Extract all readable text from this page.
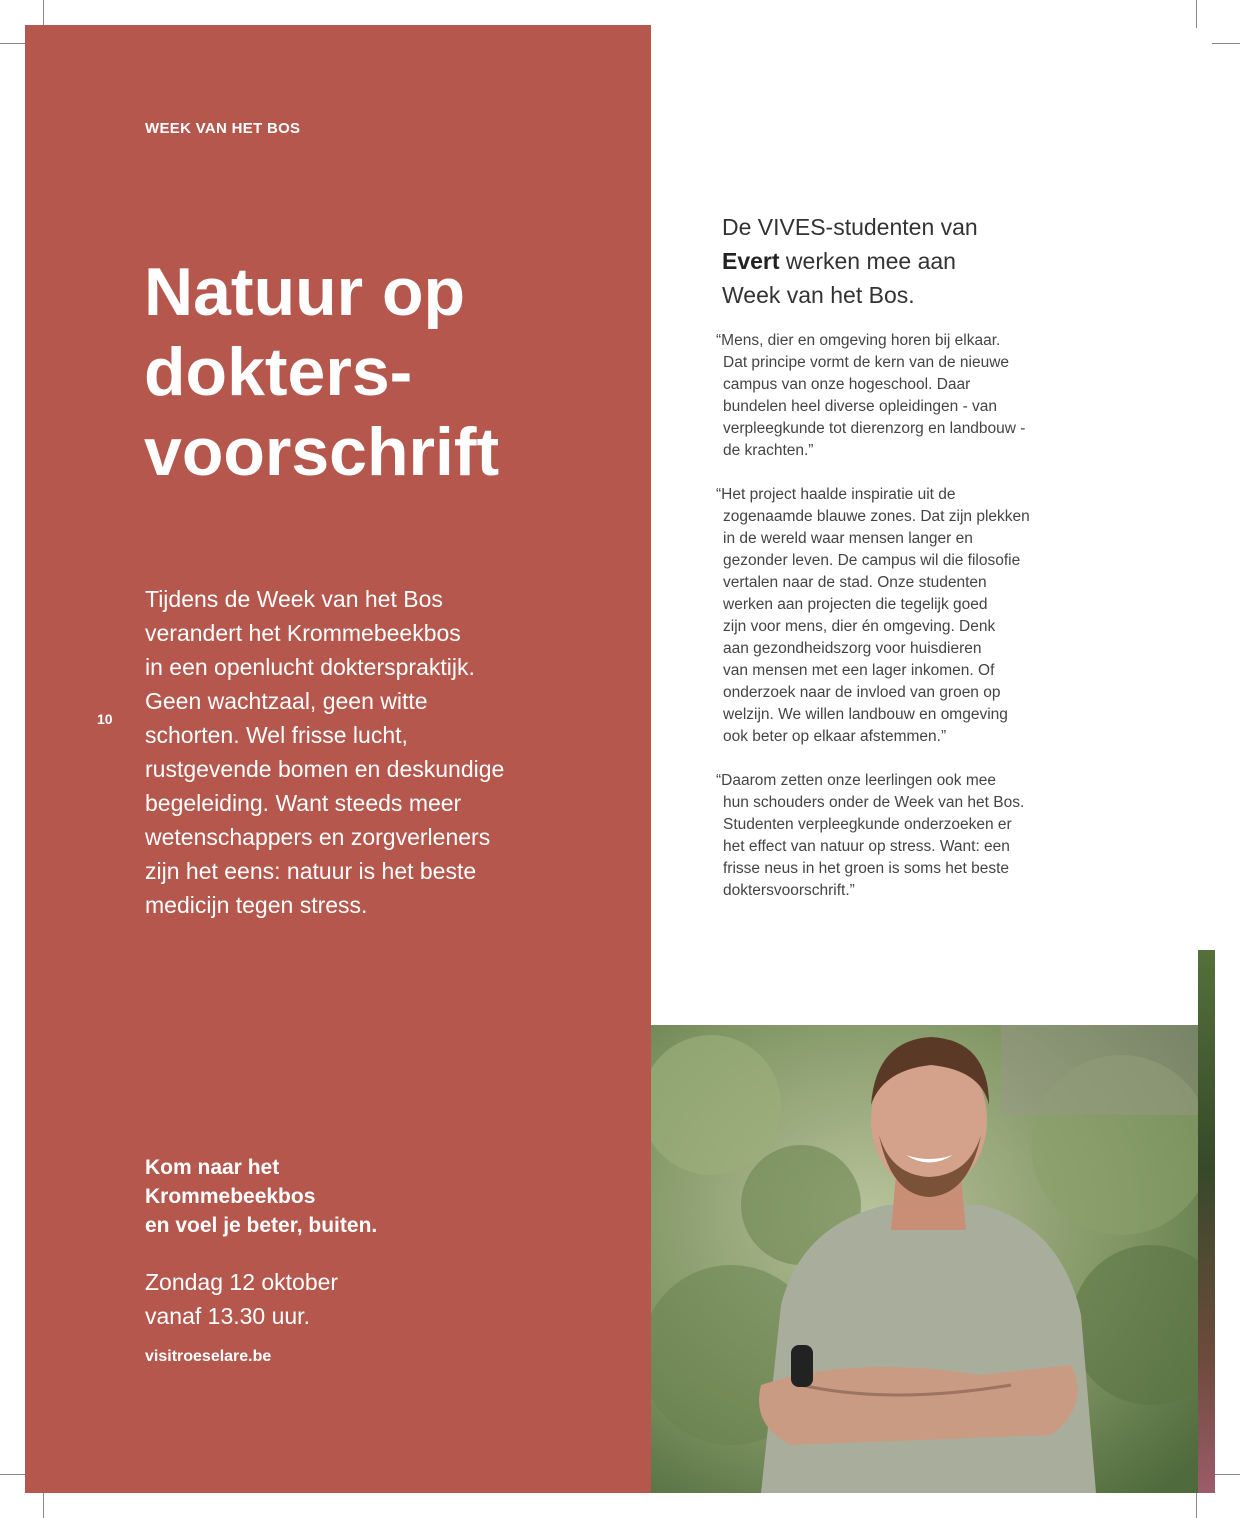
WEEK VAN HET BOS
Natuur op
dokters-
voorschrift
Tijdens de Week van het Bos
verandert het Krommebeekbos
in een openlucht dokterspraktijk.
Geen wachtzaal, geen witte
schorten. Wel frisse lucht,
rustgevende bomen en deskundige
begeleiding. Want steeds meer
wetenschappers en zorgverleners
zijn het eens: natuur is het beste
medicijn tegen stress.
10
Kom naar het
Krommebeekbos
en voel je beter, buiten.
Zondag 12 oktober
vanaf 13.30 uur.
visitroeselare.be
De VIVES-studenten van
Evert werken mee aan
Week van het Bos.
“Mens, dier en omgeving horen bij elkaar.
Dat principe vormt de kern van de nieuwe
campus van onze hogeschool. Daar
bundelen heel diverse opleidingen - van
verpleegkunde tot dierenzorg en landbouw -
de krachten.”
“Het project haalde inspiratie uit de
zogenaamde blauwe zones. Dat zijn plekken
in de wereld waar mensen langer en
gezonder leven. De campus wil die filosofie
vertalen naar de stad. Onze studenten
werken aan projecten die tegelijk goed
zijn voor mens, dier én omgeving. Denk
aan gezondheidszorg voor huisdieren
van mensen met een lager inkomen. Of
onderzoek naar de invloed van groen op
welzijn. We willen landbouw en omgeving
ook beter op elkaar afstemmen.”
“Daarom zetten onze leerlingen ook mee
hun schouders onder de Week van het Bos.
Studenten verpleegkunde onderzoeken er
het effect van natuur op stress. Want: een
frisse neus in het groen is soms het beste
doktersvoorschrift.”
